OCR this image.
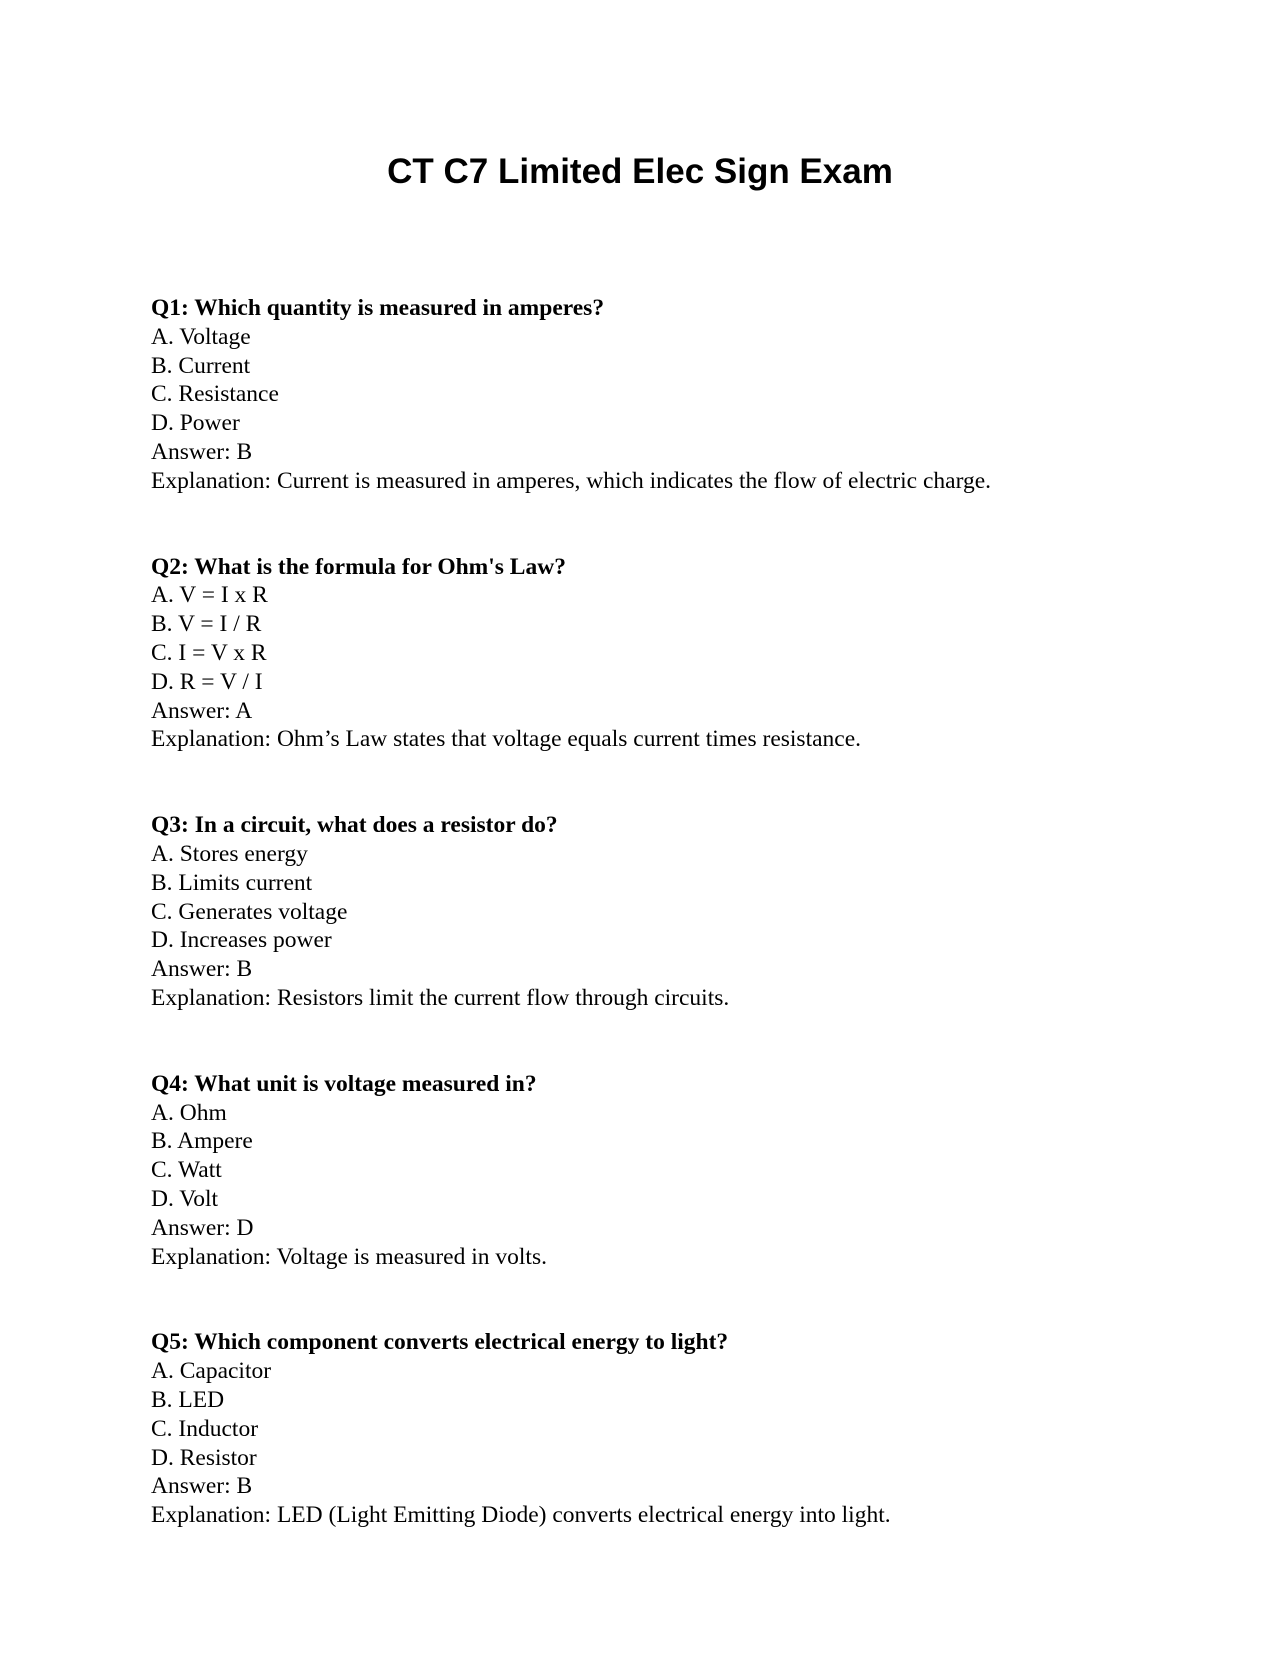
CT C7 Limited Elec Sign Exam
Q1: Which quantity is measured in amperes?
A. Voltage
B. Current
C. Resistance
D. Power
Answer: B
Explanation: Current is measured in amperes, which indicates the flow of electric charge.
Q2: What is the formula for Ohm's Law?
A. V = I x R
B. V = I / R
C. I = V x R
D. R = V / I
Answer: A
Explanation: Ohm’s Law states that voltage equals current times resistance.
Q3: In a circuit, what does a resistor do?
A. Stores energy
B. Limits current
C. Generates voltage
D. Increases power
Answer: B
Explanation: Resistors limit the current flow through circuits.
Q4: What unit is voltage measured in?
A. Ohm
B. Ampere
C. Watt
D. Volt
Answer: D
Explanation: Voltage is measured in volts.
Q5: Which component converts electrical energy to light?
A. Capacitor
B. LED
C. Inductor
D. Resistor
Answer: B
Explanation: LED (Light Emitting Diode) converts electrical energy into light.
